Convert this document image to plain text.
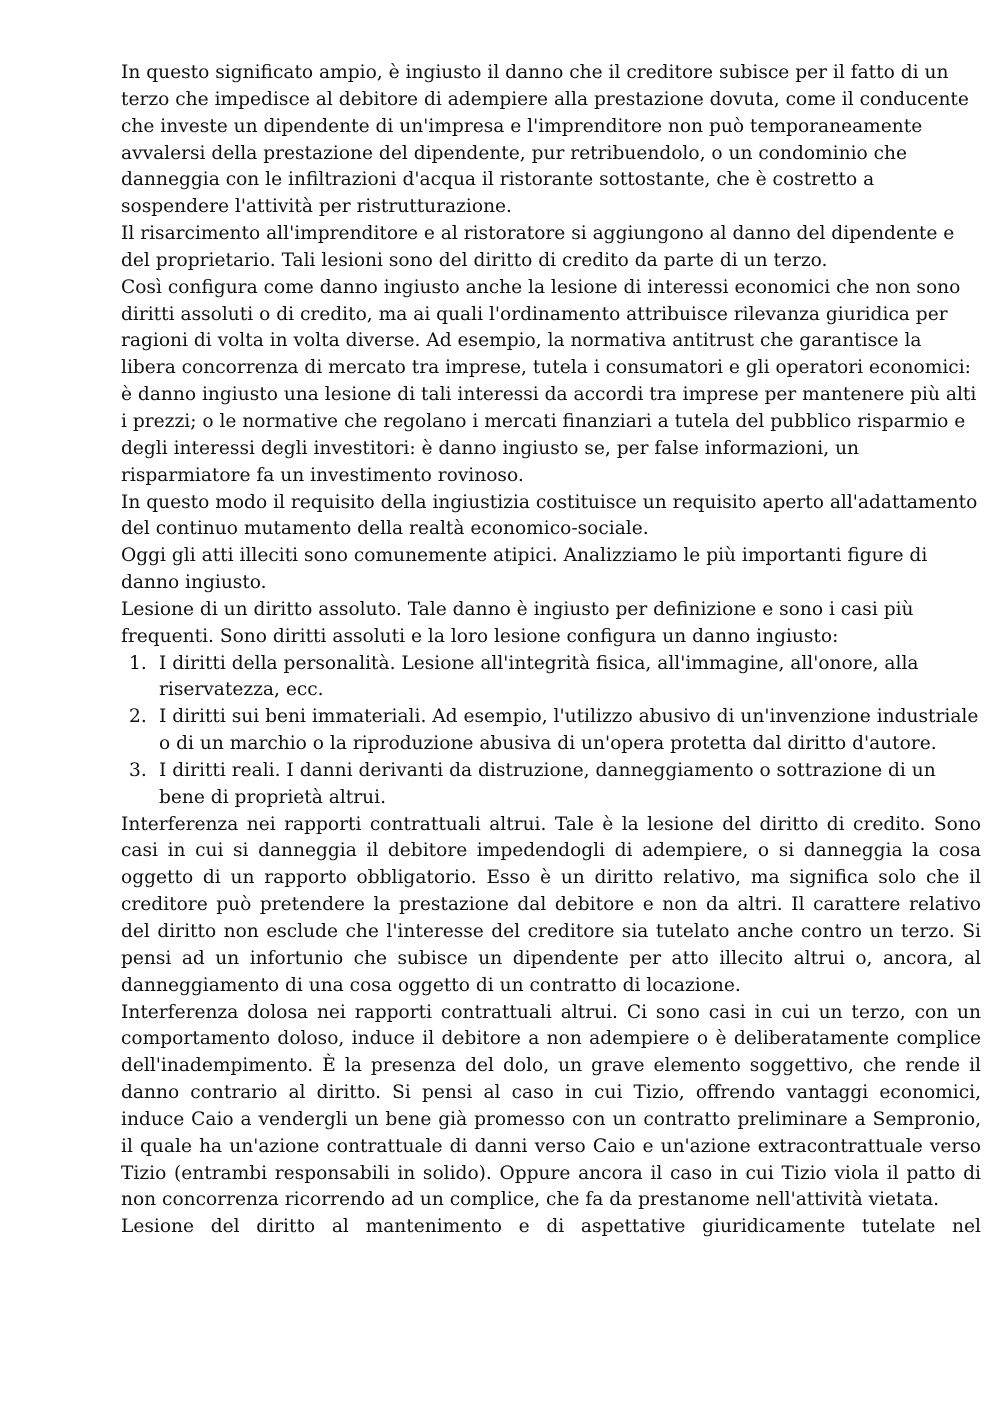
In questo significato ampio, è ingiusto il danno che il creditore subisce per il fatto di un terzo che impedisce al debitore di adempiere alla prestazione dovuta, come il conducente che investe un dipendente di un'impresa e l'imprenditore non può temporaneamente avvalersi della prestazione del dipendente, pur retribuendolo, o un condominio che danneggia con le infiltrazioni d'acqua il ristorante sottostante, che è costretto a sospendere l'attività per ristrutturazione.

Il risarcimento all'imprenditore e al ristoratore si aggiungono al danno del dipendente e del proprietario. Tali lesioni sono del diritto di credito da parte di un terzo.

Così configura come danno ingiusto anche la lesione di interessi economici che non sono diritti assoluti o di credito, ma ai quali l'ordinamento attribuisce rilevanza giuridica per ragioni di volta in volta diverse. Ad esempio, la normativa antitrust che garantisce la libera concorrenza di mercato tra imprese, tutela i consumatori e gli operatori economici: è danno ingiusto una lesione di tali interessi da accordi tra imprese per mantenere più alti i prezzi; o le normative che regolano i mercati finanziari a tutela del pubblico risparmio e degli interessi degli investitori: è danno ingiusto se, per false informazioni, un risparmiatore fa un investimento rovinoso.

In questo modo il requisito della ingiustizia costituisce un requisito aperto all'adattamento del continuo mutamento della realtà economico-sociale.

Oggi gli atti illeciti sono comunemente atipici. Analizziamo le più importanti figure di danno ingiusto.

Lesione di un diritto assoluto. Tale danno è ingiusto per definizione e sono i casi più frequenti. Sono diritti assoluti e la loro lesione configura un danno ingiusto:

1. I diritti della personalità. Lesione all'integrità fisica, all'immagine, all'onore, alla riservatezza, ecc.
2. I diritti sui beni immateriali. Ad esempio, l'utilizzo abusivo di un'invenzione industriale o di un marchio o la riproduzione abusiva di un'opera protetta dal diritto d'autore.
3. I diritti reali. I danni derivanti da distruzione, danneggiamento o sottrazione di un bene di proprietà altrui.

Interferenza nei rapporti contrattuali altrui. Tale è la lesione del diritto di credito. Sono casi in cui si danneggia il debitore impedendogli di adempiere, o si danneggia la cosa oggetto di un rapporto obbligatorio. Esso è un diritto relativo, ma significa solo che il creditore può pretendere la prestazione dal debitore e non da altri. Il carattere relativo del diritto non esclude che l'interesse del creditore sia tutelato anche contro un terzo. Si pensi ad un infortunio che subisce un dipendente per atto illecito altrui o, ancora, al danneggiamento di una cosa oggetto di un contratto di locazione.

Interferenza dolosa nei rapporti contrattuali altrui. Ci sono casi in cui un terzo, con un comportamento doloso, induce il debitore a non adempiere o è deliberatamente complice dell'inadempimento. È la presenza del dolo, un grave elemento soggettivo, che rende il danno contrario al diritto. Si pensi al caso in cui Tizio, offrendo vantaggi economici, induce Caio a vendergli un bene già promesso con un contratto preliminare a Sempronio, il quale ha un'azione contrattuale di danni verso Caio e un'azione extracontrattuale verso Tizio (entrambi responsabili in solido). Oppure ancora il caso in cui Tizio viola il patto di non concorrenza ricorrendo ad un complice, che fa da prestanome nell'attività vietata.

Lesione del diritto al mantenimento e di aspettative giuridicamente tutelate nel
